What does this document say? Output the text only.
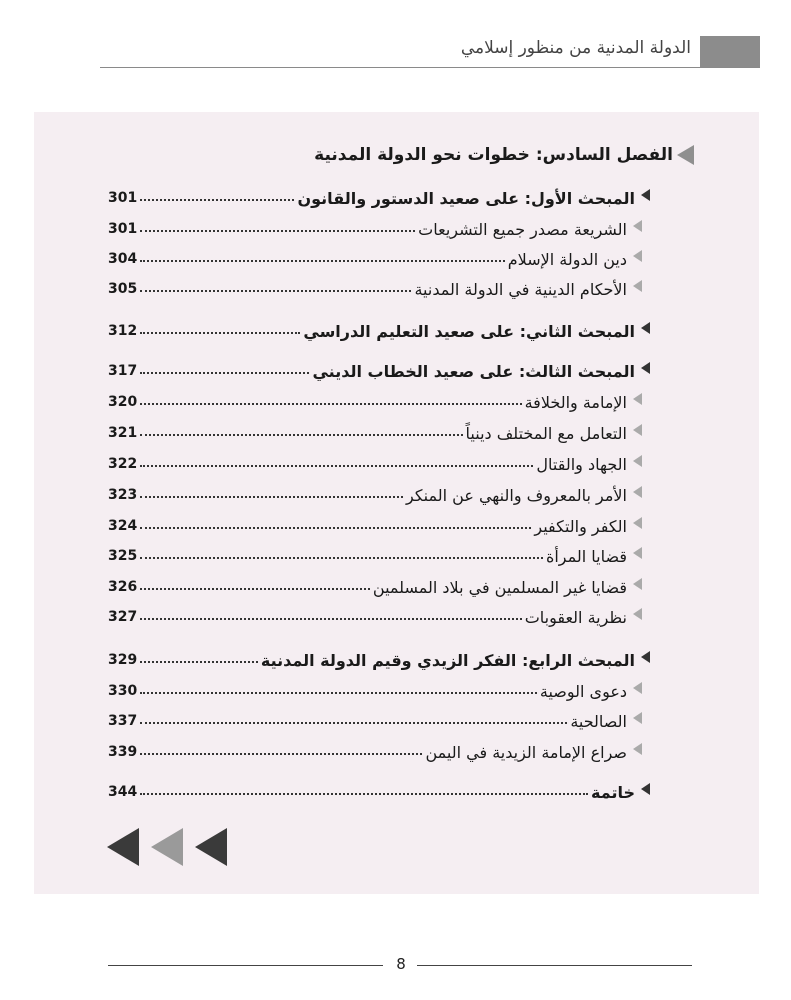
الدولة المدنية من منظور إسلامي
الفصل السادس: خطوات نحو الدولة المدنية
المبحث الأول: على صعيد الدستور والقانون
301
الشريعة مصدر جميع التشريعات
301
دين الدولة الإسلام
304
الأحكام الدينية في الدولة المدنية
305
المبحث الثاني: على صعيد التعليم الدراسي
312
المبحث الثالث: على صعيد الخطاب الديني
317
الإمامة والخلافة
320
التعامل مع المختلف دينياً
321
الجهاد والقتال
322
الأمر بالمعروف والنهي عن المنكر
323
الكفر والتكفير
324
قضايا المرأة
325
قضايا غير المسلمين في بلاد المسلمين
326
نظرية العقوبات
327
المبحث الرابع: الفكر الزيدي وقيم الدولة المدنية
329
دعوى الوصية
330
الصالحية
337
صراع الإمامة الزيدية في اليمن
339
خاتمة
344
8
